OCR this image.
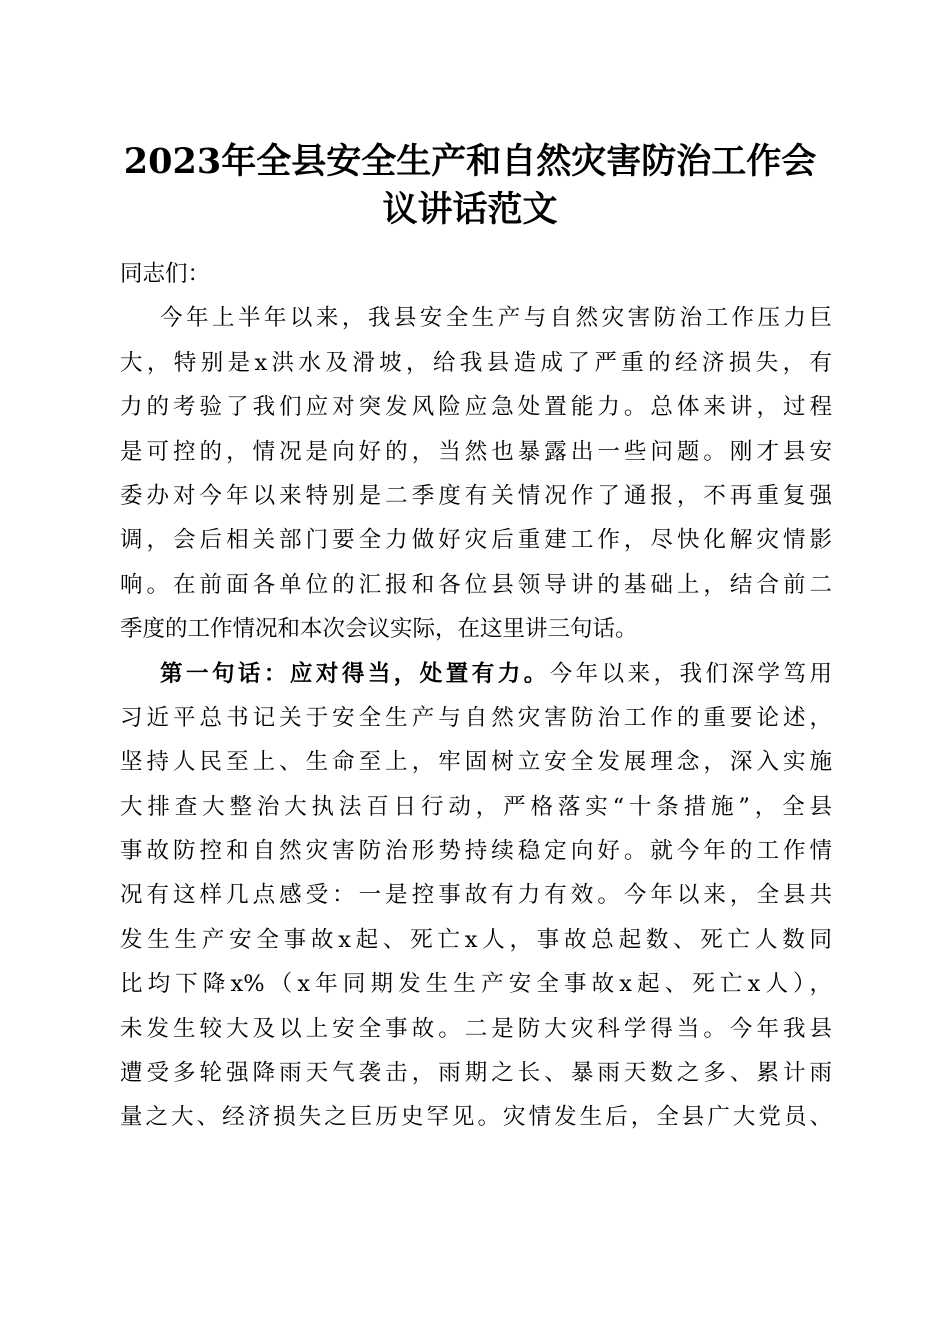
2023年全县安全生产和自然灾害防治工作会
议讲话范文
同志们：
今年上半年以来，我县安全生产与自然灾害防治工作压力巨
大，特别是x洪水及滑坡，给我县造成了严重的经济损失，有
力的考验了我们应对突发风险应急处置能力。总体来讲，过程
是可控的，情况是向好的，当然也暴露出一些问题。刚才县安
委办对今年以来特别是二季度有关情况作了通报，不再重复强
调，会后相关部门要全力做好灾后重建工作，尽快化解灾情影
响。在前面各单位的汇报和各位县领导讲的基础上，结合前二
季度的工作情况和本次会议实际，在这里讲三句话。
第一句话：应对得当，处置有力。今年以来，我们深学笃用
习近平总书记关于安全生产与自然灾害防治工作的重要论述，
坚持人民至上、生命至上，牢固树立安全发展理念，深入实施
大排查大整治大执法百日行动，严格落实“十条措施”，全县
事故防控和自然灾害防治形势持续稳定向好。就今年的工作情
况有这样几点感受：一是控事故有力有效。今年以来，全县共
发生生产安全事故x起、死亡x人，事故总起数、死亡人数同
比均下降x%（x年同期发生生产安全事故x起、死亡x人），
未发生较大及以上安全事故。二是防大灾科学得当。今年我县
遭受多轮强降雨天气袭击，雨期之长、暴雨天数之多、累计雨
量之大、经济损失之巨历史罕见。灾情发生后，全县广大党员、
